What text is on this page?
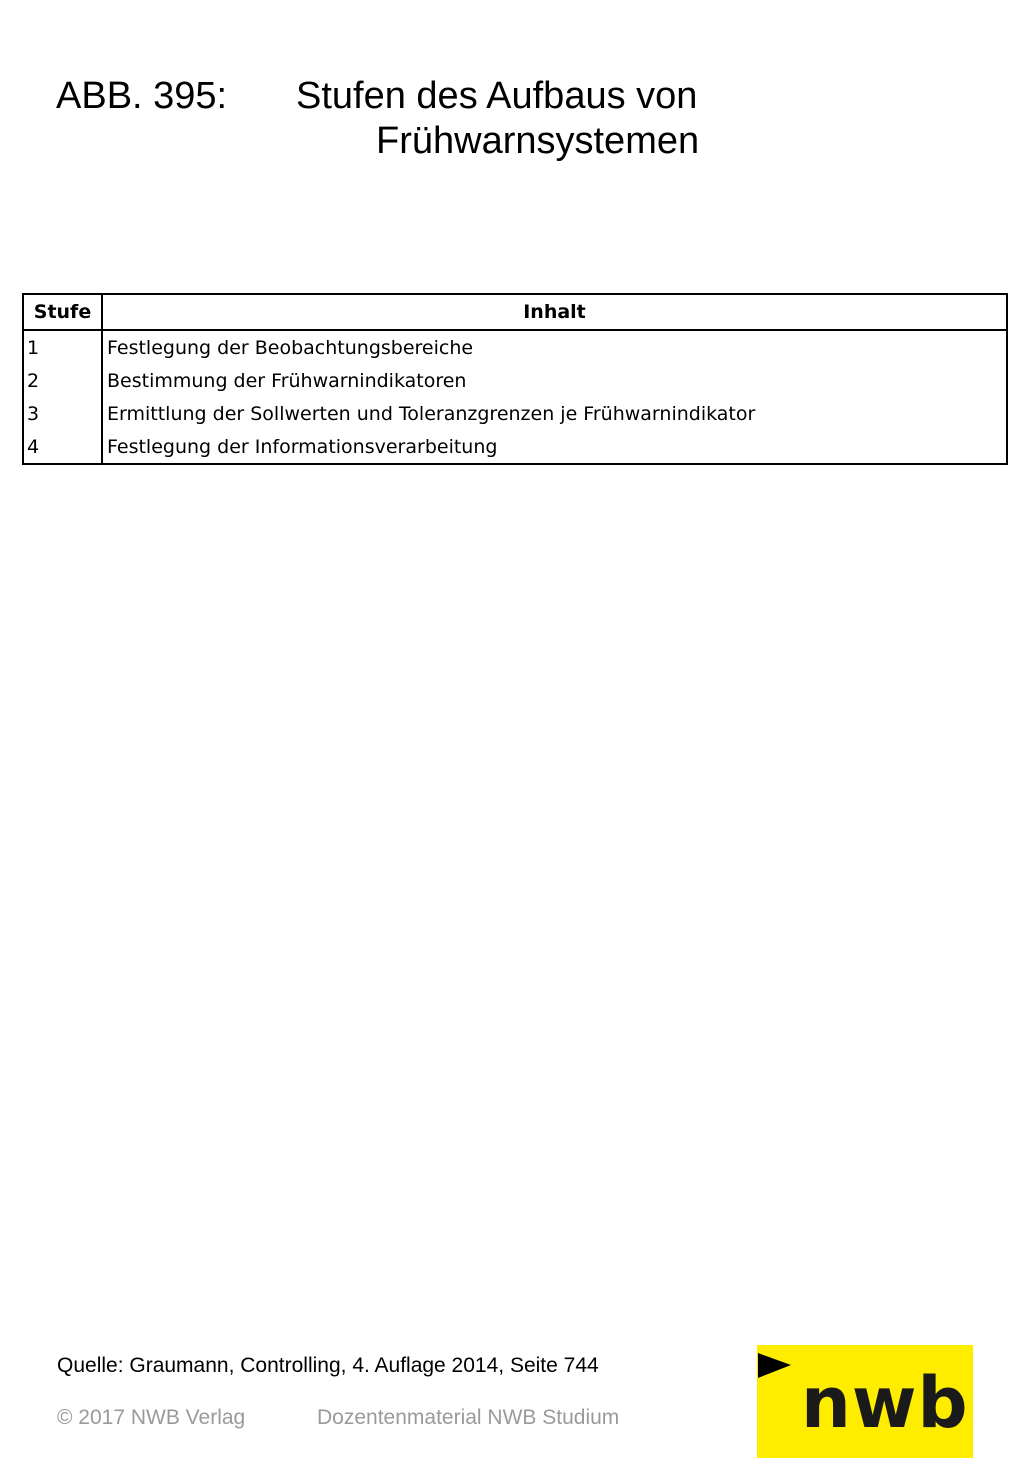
ABB. 395: Stufen des Aufbaus von
Frühwarnsystemen
Stufe	Inhalt
1	Festlegung der Beobachtungsbereiche
2	Bestimmung der Frühwarnindikatoren
3	Ermittlung der Sollwerten und Toleranzgrenzen je Frühwarnindikator
4	Festlegung der Informationsverarbeitung
Quelle: Graumann, Controlling, 4. Auflage 2014, Seite 744
© 2017 NWB Verlag	Dozentenmaterial NWB Studium	nwb
